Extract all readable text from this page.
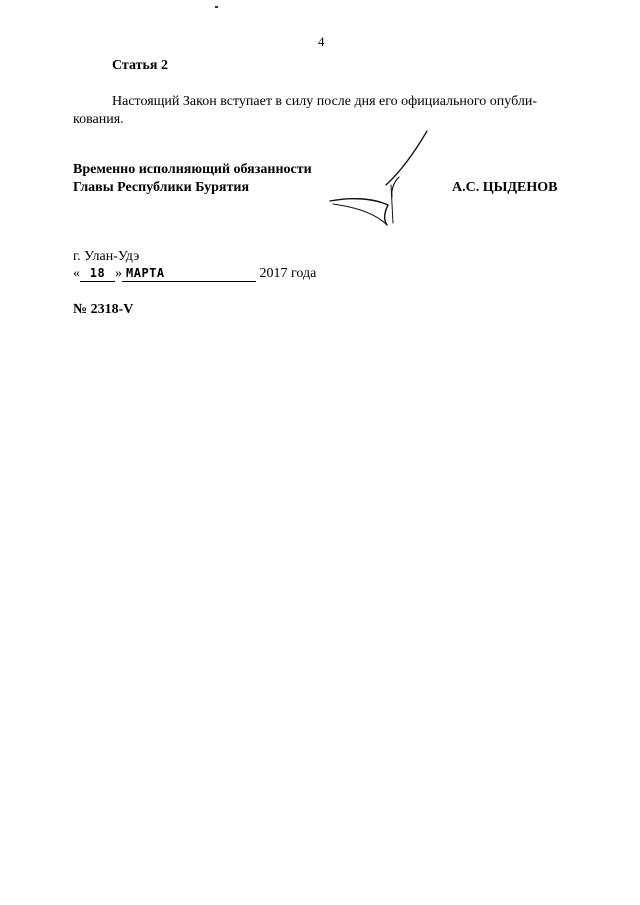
4
Статья 2
Настоящий Закон вступает в силу после дня его официального опубли-
кования.
Временно исполняющий обязанности
Главы Республики Бурятия	А.С. ЦЫДЕНОВ
г. Улан-Удэ
« 18 » МАРТА	2017 года
№ 2318-V
